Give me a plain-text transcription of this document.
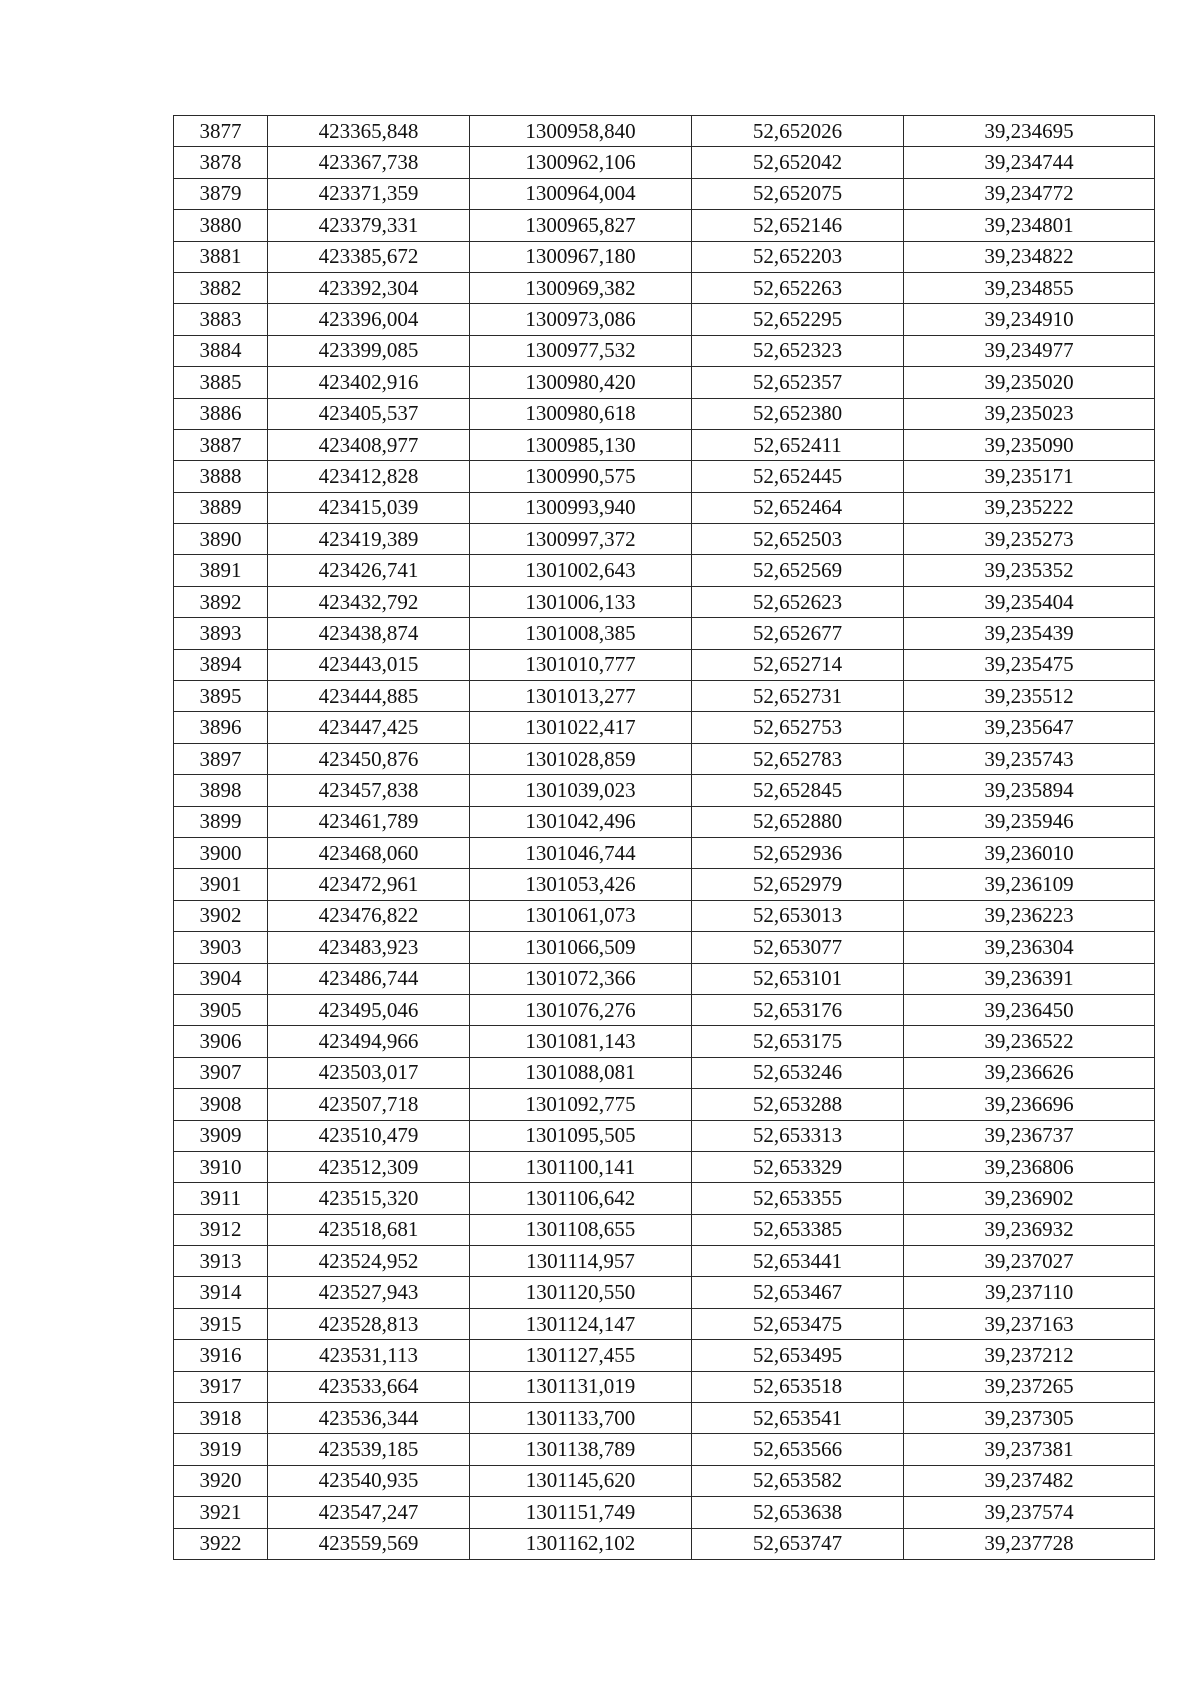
3877	423365,848	1300958,840	52,652026	39,234695
3878	423367,738	1300962,106	52,652042	39,234744
3879	423371,359	1300964,004	52,652075	39,234772
3880	423379,331	1300965,827	52,652146	39,234801
3881	423385,672	1300967,180	52,652203	39,234822
3882	423392,304	1300969,382	52,652263	39,234855
3883	423396,004	1300973,086	52,652295	39,234910
3884	423399,085	1300977,532	52,652323	39,234977
3885	423402,916	1300980,420	52,652357	39,235020
3886	423405,537	1300980,618	52,652380	39,235023
3887	423408,977	1300985,130	52,652411	39,235090
3888	423412,828	1300990,575	52,652445	39,235171
3889	423415,039	1300993,940	52,652464	39,235222
3890	423419,389	1300997,372	52,652503	39,235273
3891	423426,741	1301002,643	52,652569	39,235352
3892	423432,792	1301006,133	52,652623	39,235404
3893	423438,874	1301008,385	52,652677	39,235439
3894	423443,015	1301010,777	52,652714	39,235475
3895	423444,885	1301013,277	52,652731	39,235512
3896	423447,425	1301022,417	52,652753	39,235647
3897	423450,876	1301028,859	52,652783	39,235743
3898	423457,838	1301039,023	52,652845	39,235894
3899	423461,789	1301042,496	52,652880	39,235946
3900	423468,060	1301046,744	52,652936	39,236010
3901	423472,961	1301053,426	52,652979	39,236109
3902	423476,822	1301061,073	52,653013	39,236223
3903	423483,923	1301066,509	52,653077	39,236304
3904	423486,744	1301072,366	52,653101	39,236391
3905	423495,046	1301076,276	52,653176	39,236450
3906	423494,966	1301081,143	52,653175	39,236522
3907	423503,017	1301088,081	52,653246	39,236626
3908	423507,718	1301092,775	52,653288	39,236696
3909	423510,479	1301095,505	52,653313	39,236737
3910	423512,309	1301100,141	52,653329	39,236806
3911	423515,320	1301106,642	52,653355	39,236902
3912	423518,681	1301108,655	52,653385	39,236932
3913	423524,952	1301114,957	52,653441	39,237027
3914	423527,943	1301120,550	52,653467	39,237110
3915	423528,813	1301124,147	52,653475	39,237163
3916	423531,113	1301127,455	52,653495	39,237212
3917	423533,664	1301131,019	52,653518	39,237265
3918	423536,344	1301133,700	52,653541	39,237305
3919	423539,185	1301138,789	52,653566	39,237381
3920	423540,935	1301145,620	52,653582	39,237482
3921	423547,247	1301151,749	52,653638	39,237574
3922	423559,569	1301162,102	52,653747	39,237728
